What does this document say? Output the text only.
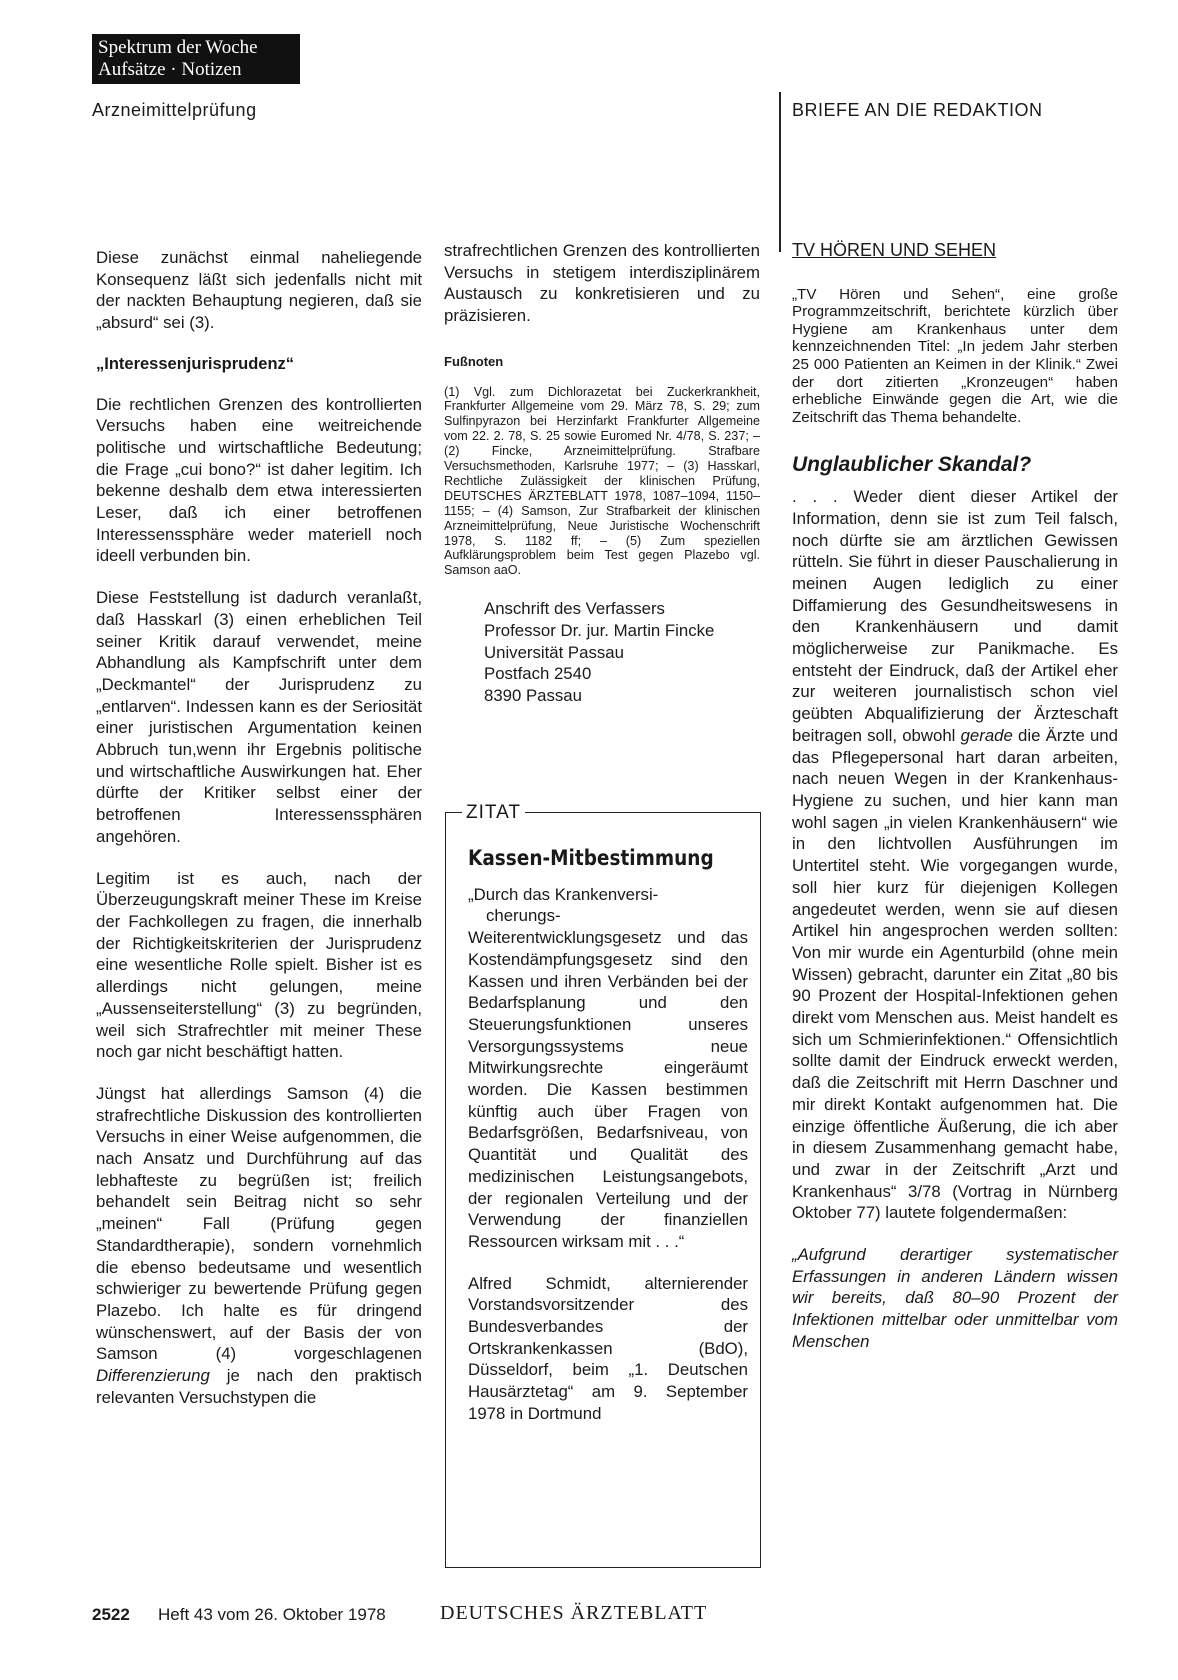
Spektrum der Woche
Aufsätze · Notizen
Arzneimittelprüfung	BRIEFE AN DIE REDAKTION

Diese zunächst einmal naheliegende Konsequenz läßt sich jedenfalls nicht mit der nackten Behauptung negieren, daß sie „absurd“ sei (3).

„Interessenjurisprudenz“

Die rechtlichen Grenzen des kontrollierten Versuchs haben eine weitreichende politische und wirtschaftliche Bedeutung; die Frage „cui bono?“ ist daher legitim. Ich bekenne deshalb dem etwa interessierten Leser, daß ich einer betroffenen Interessenssphäre weder materiell noch ideell verbunden bin.

Diese Feststellung ist dadurch veranlaßt, daß Hasskarl (3) einen erheblichen Teil seiner Kritik darauf verwendet, meine Abhandlung als Kampfschrift unter dem „Deckmantel“ der Jurisprudenz zu „entlarven“. Indessen kann es der Seriosität einer juristischen Argumentation keinen Abbruch tun,wenn ihr Ergebnis politische und wirtschaftliche Auswirkungen hat. Eher dürfte der Kritiker selbst einer der betroffenen Interessenssphären angehören.

Legitim ist es auch, nach der Überzeugungskraft meiner These im Kreise der Fachkollegen zu fragen, die innerhalb der Richtigkeitskriterien der Jurisprudenz eine wesentliche Rolle spielt. Bisher ist es allerdings nicht gelungen, meine „Aussenseiterstellung“ (3) zu begründen, weil sich Strafrechtler mit meiner These noch gar nicht beschäftigt hatten.

Jüngst hat allerdings Samson (4) die strafrechtliche Diskussion des kontrollierten Versuchs in einer Weise aufgenommen, die nach Ansatz und Durchführung auf das lebhafteste zu begrüßen ist; freilich behandelt sein Beitrag nicht so sehr „meinen“ Fall (Prüfung gegen Standardtherapie), sondern vornehmlich die ebenso bedeutsame und wesentlich schwieriger zu bewertende Prüfung gegen Plazebo. Ich halte es für dringend wünschenswert, auf der Basis der von Samson (4) vorgeschlagenen Differenzierung je nach den praktisch relevanten Versuchstypen die

strafrechtlichen Grenzen des kontrollierten Versuchs in stetigem interdisziplinärem Austausch zu konkretisieren und zu präzisieren.

Fußnoten

(1) Vgl. zum Dichlorazetat bei Zuckerkrankheit, Frankfurter Allgemeine vom 29. März 78, S. 29; zum Sulfinpyrazon bei Herzinfarkt Frankfurter Allgemeine vom 22. 2. 78, S. 25 sowie Euromed Nr. 4/78, S. 237; – (2) Fincke, Arzneimittelprüfung. Strafbare Versuchsmethoden, Karlsruhe 1977; – (3) Hasskarl, Rechtliche Zulässigkeit der klinischen Prüfung, DEUTSCHES ÄRZTEBLATT 1978, 1087–1094, 1150–1155; – (4) Samson, Zur Strafbarkeit der klinischen Arzneimittelprüfung, Neue Juristische Wochenschrift 1978, S. 1182 ff; – (5) Zum speziellen Aufklärungsproblem beim Test gegen Plazebo vgl. Samson aaO.

Anschrift des Verfassers
Professor Dr. jur. Martin Fincke
Universität Passau
Postfach 2540
8390 Passau
ZITAT

Kassen-Mitbestimmung

„Durch das Krankenversi-

cherungs-Weiterentwicklungsgesetz und das Kostendämpfungsgesetz sind den Kassen und ihren Verbänden bei der Bedarfsplanung und den Steuerungsfunktionen unseres Versorgungssystems neue Mitwirkungsrechte eingeräumt worden. Die Kassen bestimmen künftig auch über Fragen von Bedarfsgrößen, Bedarfsniveau, von Quantität und Qualität des medizinischen Leistungsangebots, der regionalen Verteilung und der Verwendung der finanziellen Ressourcen wirksam mit . . .“

Alfred Schmidt, alternierender Vorstandsvorsitzender des Bundesverbandes der Ortskrankenkassen (BdO), Düsseldorf, beim „1. Deutschen Hausärztetag“ am 9. September 1978 in Dortmund

TV HÖREN UND SEHEN

„TV Hören und Sehen“, eine große Programmzeitschrift, berichtete kürzlich über Hygiene am Krankenhaus unter dem kennzeichnenden Titel: „In jedem Jahr sterben 25 000 Patienten an Keimen in der Klinik.“ Zwei der dort zitierten „Kronzeugen“ haben erhebliche Einwände gegen die Art, wie die Zeitschrift das Thema behandelte.

Unglaublicher Skandal?

. . . Weder dient dieser Artikel der Information, denn sie ist zum Teil falsch, noch dürfte sie am ärztlichen Gewissen rütteln. Sie führt in dieser Pauschalierung in meinen Augen lediglich zu einer Diffamierung des Gesundheitswesens in den Krankenhäusern und damit möglicherweise zur Panikmache. Es entsteht der Eindruck, daß der Artikel eher zur weiteren journalistisch schon viel geübten Abqualifizierung der Ärzteschaft beitragen soll, obwohl gerade die Ärzte und das Pflegepersonal hart daran arbeiten, nach neuen Wegen in der Krankenhaus-Hygiene zu suchen, und hier kann man wohl sagen „in vielen Krankenhäusern“ wie in den lichtvollen Ausführungen im Untertitel steht. Wie vorgegangen wurde, soll hier kurz für diejenigen Kollegen angedeutet werden, wenn sie auf diesen Artikel hin angesprochen werden sollten: Von mir wurde ein Agenturbild (ohne mein Wissen) gebracht, darunter ein Zitat „80 bis 90 Prozent der Hospital-Infektionen gehen direkt vom Menschen aus. Meist handelt es sich um Schmierinfektionen.“ Offensichtlich sollte damit der Eindruck erweckt werden, daß die Zeitschrift mit Herrn Daschner und mir direkt Kontakt aufgenommen hat. Die einzige öffentliche Äußerung, die ich aber in diesem Zusammenhang gemacht habe, und zwar in der Zeitschrift „Arzt und Krankenhaus“ 3/78 (Vortrag in Nürnberg Oktober 77) lautete folgendermaßen:

„Aufgrund derartiger systematischer Erfassungen in anderen Ländern wissen wir bereits, daß 80–90 Prozent der Infektionen mittelbar oder unmittelbar vom Menschen

2522 Heft 43 vom 26. Oktober 1978	DEUTSCHES ÄRZTEBLATT
